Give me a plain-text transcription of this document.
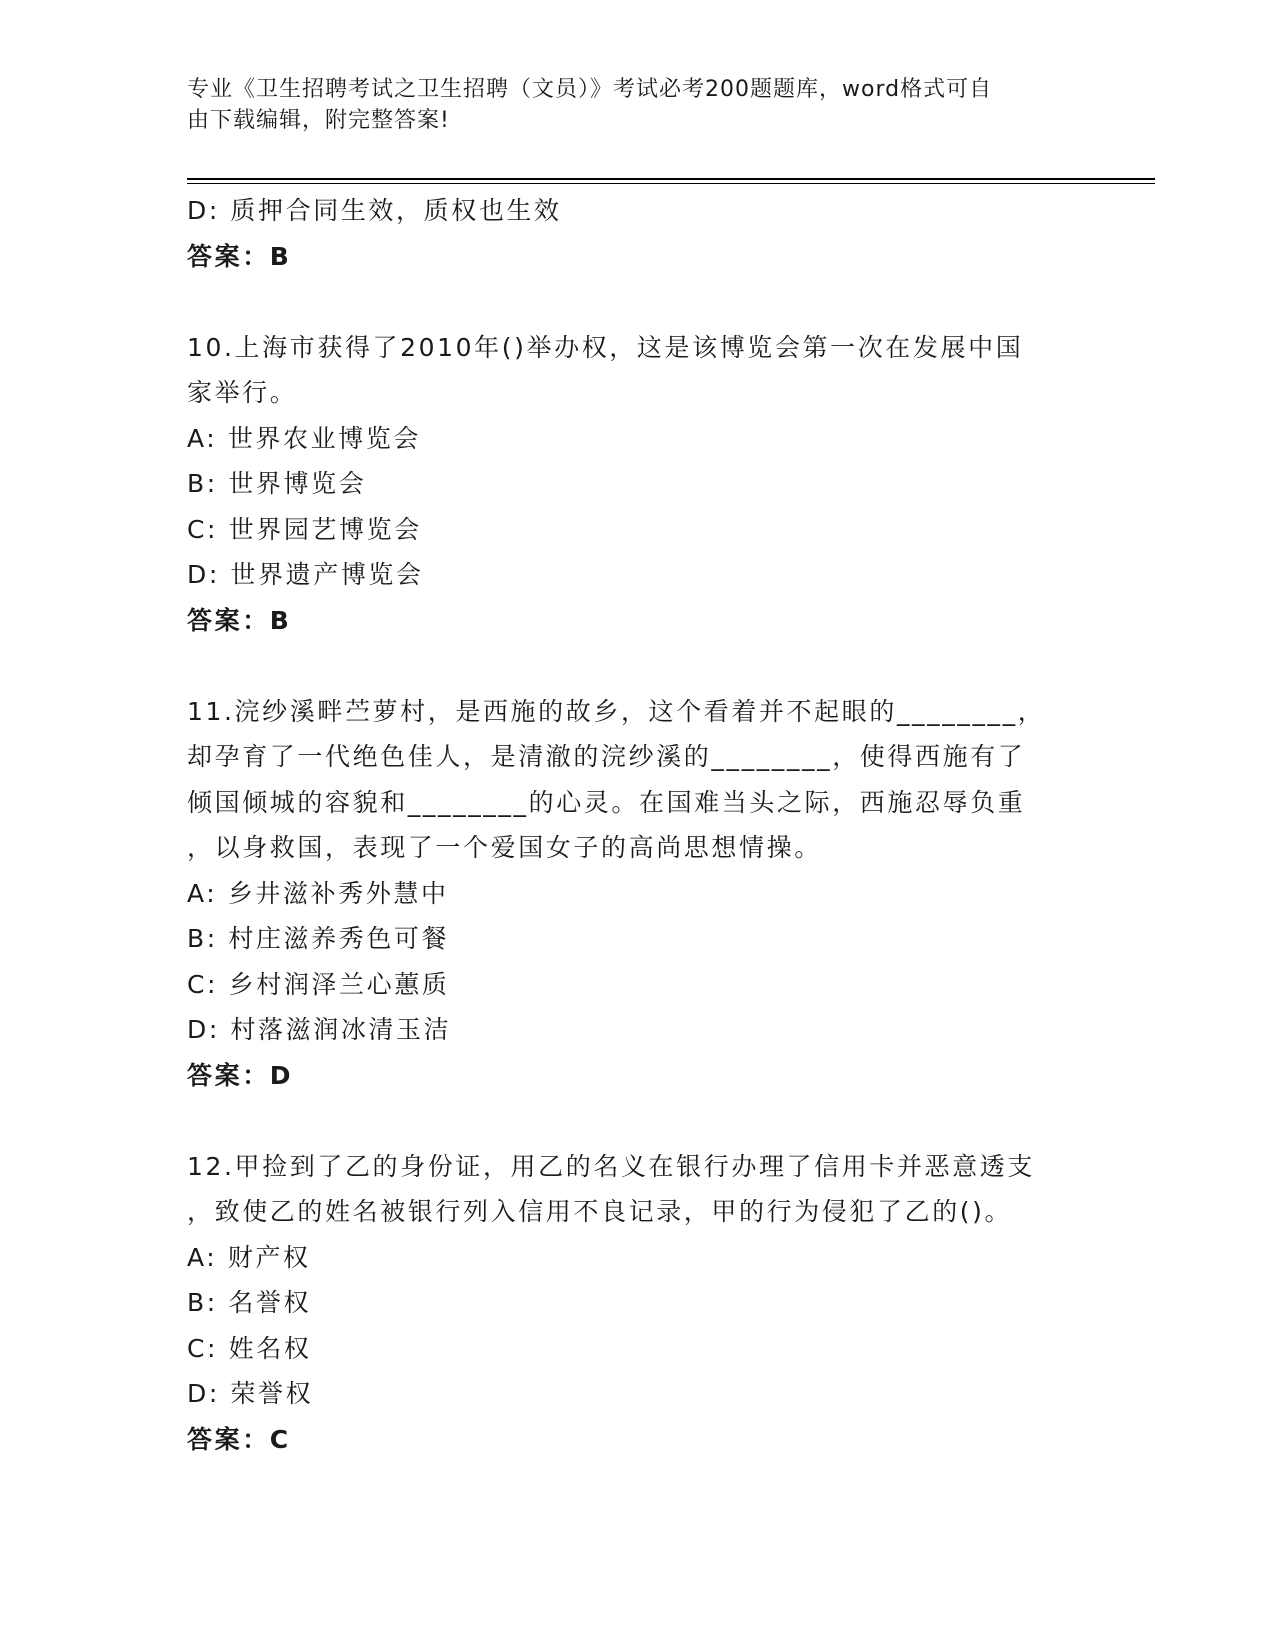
专业《卫生招聘考试之卫生招聘（文员）》考试必考200题题库，word格式可自
由下载编辑，附完整答案!
D: 质押合同生效，质权也生效
答案：B
10.上海市获得了2010年()举办权，这是该博览会第一次在发展中国
家举行。
A: 世界农业博览会
B: 世界博览会
C: 世界园艺博览会
D: 世界遗产博览会
答案：B
11.浣纱溪畔苎萝村，是西施的故乡，这个看着并不起眼的________，
却孕育了一代绝色佳人，是清澈的浣纱溪的________，使得西施有了
倾国倾城的容貌和________的心灵。在国难当头之际，西施忍辱负重
，以身救国，表现了一个爱国女子的高尚思想情操。
A: 乡井滋补秀外慧中
B: 村庄滋养秀色可餐
C: 乡村润泽兰心蕙质
D: 村落滋润冰清玉洁
答案：D
12.甲捡到了乙的身份证，用乙的名义在银行办理了信用卡并恶意透支
，致使乙的姓名被银行列入信用不良记录，甲的行为侵犯了乙的()。
A: 财产权
B: 名誉权
C: 姓名权
D: 荣誉权
答案：C
